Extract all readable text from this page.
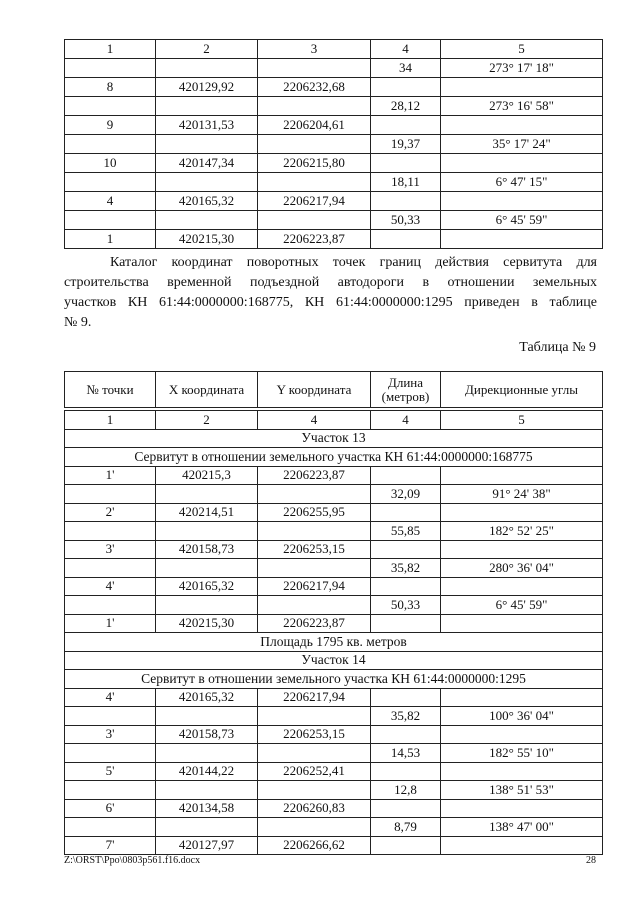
1	2	3	4	5
			34	273° 17' 18"
8	420129,92	2206232,68		
			28,12	273° 16' 58"
9	420131,53	2206204,61		
			19,37	35° 17' 24"
10	420147,34	2206215,80		
			18,11	6° 47' 15"
4	420165,32	2206217,94		
			50,33	6° 45' 59"
1	420215,30	2206223,87		
Каталог координат поворотных точек границ действия сервитута для
строительства временной подъездной автодороги в отношении земельных
участков КН 61:44:0000000:168775, КН 61:44:0000000:1295 приведен в таблице
№ 9.
Таблица № 9
№ точки	X координата	Y координата	Длина (метров)	Дирекционные углы
1	2	4	4	5
Участок 13				
Сервитут в отношении земельного участка КН 61:44:0000000:168775				
1'	420215,3	2206223,87		
			32,09	91° 24' 38"
2'	420214,51	2206255,95		
			55,85	182° 52' 25"
3'	420158,73	2206253,15		
			35,82	280° 36' 04"
4'	420165,32	2206217,94		
			50,33	6° 45' 59"
1'	420215,30	2206223,87		
Площадь 1795 кв. метров				
Участок 14				
Сервитут в отношении земельного участка КН 61:44:0000000:1295				
4'	420165,32	2206217,94		
			35,82	100° 36' 04"
3'	420158,73	2206253,15		
			14,53	182° 55' 10"
5'	420144,22	2206252,41		
			12,8	138° 51' 53"
6'	420134,58	2206260,83		
			8,79	138° 47' 00"
7'	420127,97	2206266,62		
Z:\ORST\Ppo\0803p561.f16.docx	28
